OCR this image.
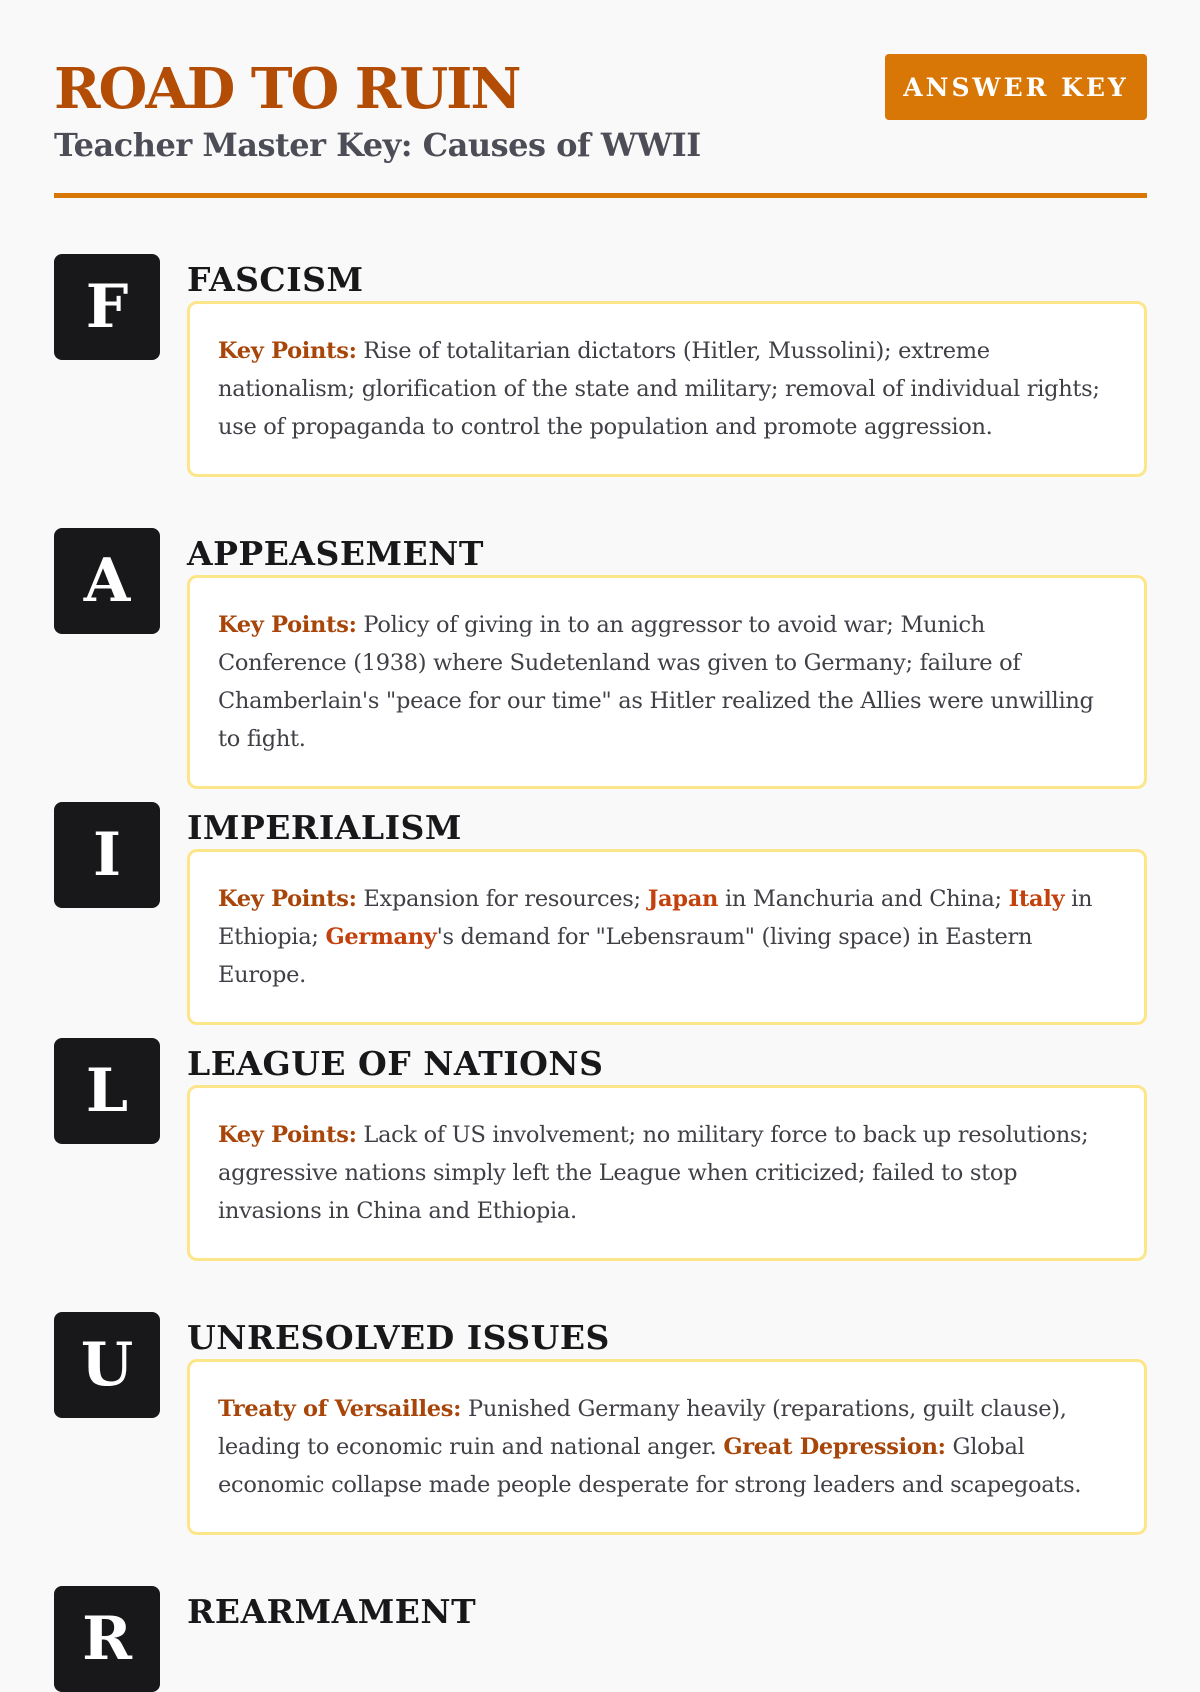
ROAD TO RUIN
Teacher Master Key: Causes of WWII
ANSWER KEY
F	FASCISM

Key Points: Rise of totalitarian dictators (Hitler, Mussolini); extreme nationalism; glorification of the state and military; removal of individual rights; use of propaganda to control the population and promote aggression.

A	APPEASEMENT

Key Points: Policy of giving in to an aggressor to avoid war; Munich Conference (1938) where Sudetenland was given to Germany; failure of Chamberlain's "peace for our time" as Hitler realized the Allies were unwilling to fight.

I	IMPERIALISM

Key Points: Expansion for resources; Japan in Manchuria and China; Italy in Ethiopia; Germany's demand for "Lebensraum" (living space) in Eastern Europe.

L	LEAGUE OF NATIONS

Key Points: Lack of US involvement; no military force to back up resolutions; aggressive nations simply left the League when criticized; failed to stop invasions in China and Ethiopia.

U	UNRESOLVED ISSUES

Treaty of Versailles: Punished Germany heavily (reparations, guilt clause), leading to economic ruin and national anger. Great Depression: Global economic collapse made people desperate for strong leaders and scapegoats.

R	REARMAMENT
